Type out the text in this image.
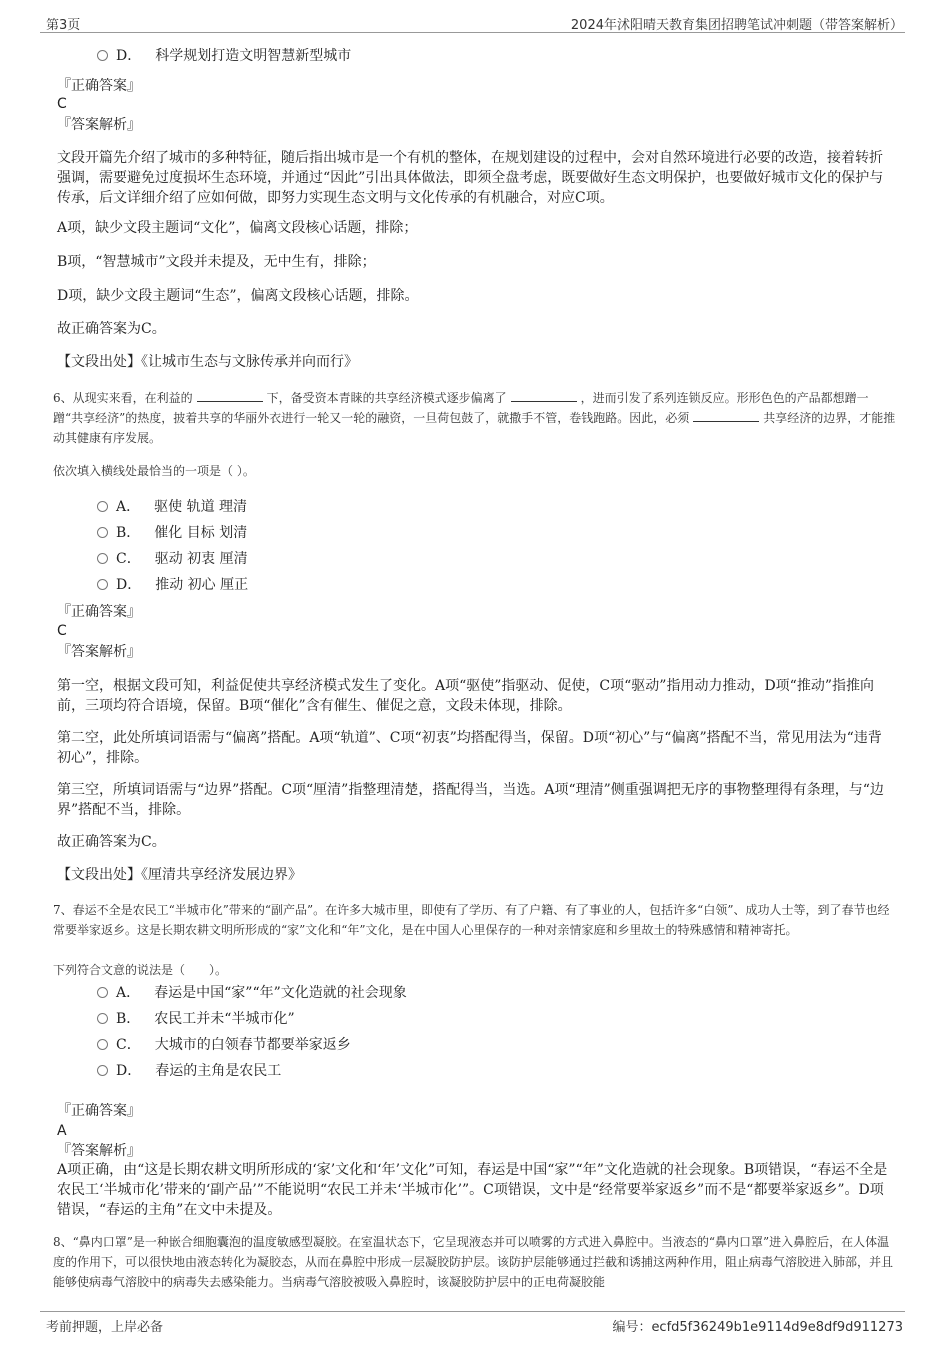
第3页	2024年沭阳晴天教育集团招聘笔试冲刺题（带答案解析）
D． 科学规划打造文明智慧新型城市
『正确答案』
C
『答案解析』
文段开篇先介绍了城市的多种特征，随后指出城市是一个有机的整体，在规划建设的过程中，会对自然环境进行必要的改造，接着转折强调，需要避免过度损坏生态环境，并通过“因此”引出具体做法，即须全盘考虑，既要做好生态文明保护，也要做好城市文化的保护与传承，后文详细介绍了应如何做，即努力实现生态文明与文化传承的有机融合，对应C项。
A项，缺少文段主题词“文化”，偏离文段核心话题，排除；
B项，“智慧城市”文段并未提及，无中生有，排除；
D项，缺少文段主题词“生态”，偏离文段核心话题，排除。
故正确答案为C。
【文段出处】《让城市生态与文脉传承并向而行》
6、从现实来看，在利益的	下，备受资本青睐的共享经济模式逐步偏离了	，进而引发了系列连锁反应。形形色色的产品都想蹭一蹭“共享经济”的热度，披着共享的华丽外衣进行一轮又一轮的融资，一旦荷包鼓了，就撒手不管，卷钱跑路。因此，必须	共享经济的边界，才能推动其健康有序发展。
依次填入横线处最恰当的一项是（ ）。
A． 驱使 轨道 理清
B． 催化 目标 划清
C． 驱动 初衷 厘清
D． 推动 初心 厘正
『正确答案』
C
『答案解析』
第一空，根据文段可知，利益促使共享经济模式发生了变化。A项“驱使”指驱动、促使，C项“驱动”指用动力推动，D项“推动”指推向前，三项均符合语境，保留。B项“催化”含有催生、催促之意，文段未体现，排除。
第二空，此处所填词语需与“偏离”搭配。A项“轨道”、C项“初衷”均搭配得当，保留。D项“初心”与“偏离”搭配不当，常见用法为“违背初心”，排除。
第三空，所填词语需与“边界”搭配。C项“厘清”指整理清楚，搭配得当，当选。A项“理清”侧重强调把无序的事物整理得有条理，与“边界”搭配不当，排除。
故正确答案为C。
【文段出处】《厘清共享经济发展边界》
7、春运不全是农民工“半城市化”带来的“副产品”。在许多大城市里，即使有了学历、有了户籍、有了事业的人，包括许多“白领”、成功人士等，到了春节也经常要举家返乡。这是长期农耕文明所形成的“家”文化和“年”文化，是在中国人心里保存的一种对亲情家庭和乡里故土的特殊感情和精神寄托。
下列符合文意的说法是（　　）。
A． 春运是中国“家”“年”文化造就的社会现象
B． 农民工并未“半城市化”
C． 大城市的白领春节都要举家返乡
D． 春运的主角是农民工
『正确答案』
A
『答案解析』
A项正确，由“这是长期农耕文明所形成的‘家’文化和‘年’文化”可知，春运是中国“家”“年”文化造就的社会现象。B项错误，“春运不全是农民工‘半城市化’带来的‘副产品’”不能说明“农民工并未‘半城市化’”。C项错误，文中是“经常要举家返乡”而不是“都要举家返乡”。D项错误，“春运的主角”在文中未提及。
8、“鼻内口罩”是一种嵌合细胞囊泡的温度敏感型凝胶。在室温状态下，它呈现液态并可以喷雾的方式进入鼻腔中。当液态的“鼻内口罩”进入鼻腔后，在人体温度的作用下，可以很快地由液态转化为凝胶态，从而在鼻腔中形成一层凝胶防护层。该防护层能够通过拦截和诱捕这两种作用，阻止病毒气溶胶进入肺部，并且能够使病毒气溶胶中的病毒失去感染能力。当病毒气溶胶被吸入鼻腔时，该凝胶防护层中的正电荷凝胶能
考前押题，上岸必备	编号：ecfd5f36249b1e9114d9e8df9d911273
